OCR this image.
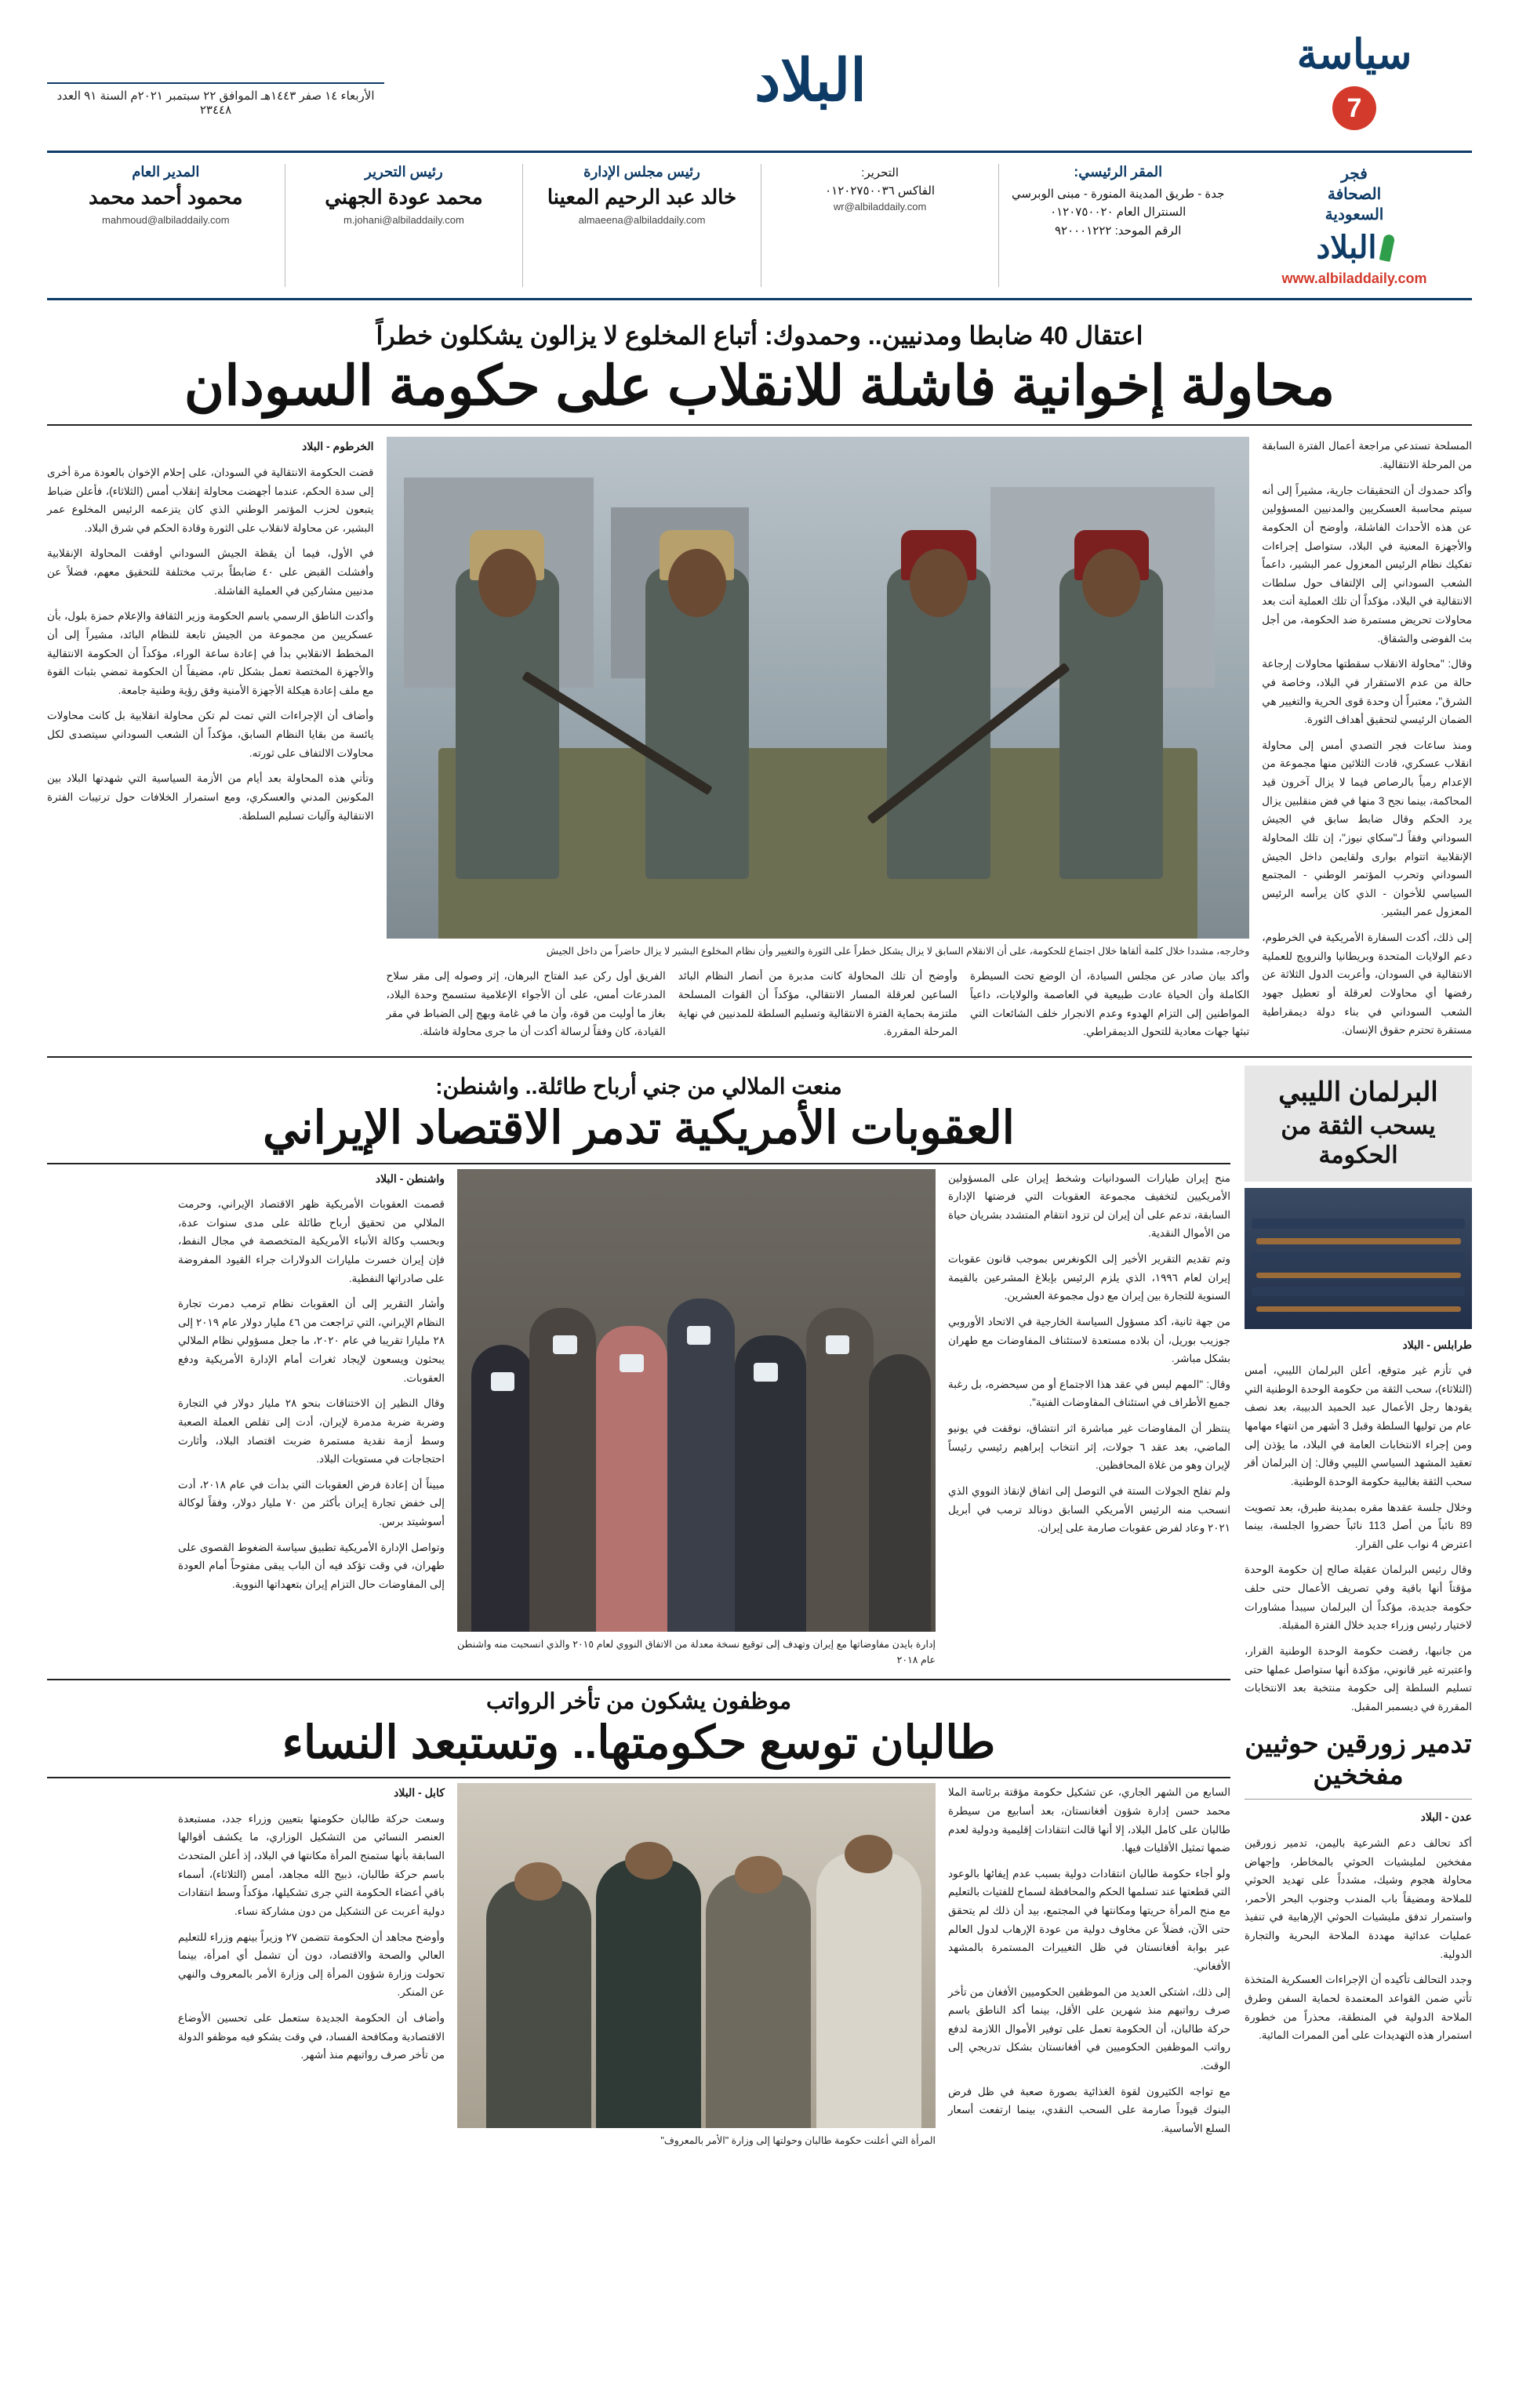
سياسة
7
البلاد
الأربعاء ١٤ صفر ١٤٤٣هـ الموافق ٢٢ سبتمبر ٢٠٢١م السنة ٩١ العدد ٢٣٤٤٨
فجر
الصحافة
السعودية
البلاد
www.albiladdaily.com
المقر الرئيسي:
جدة - طريق المدينة المنورة - مبنى الوبرسي
السنترال العام ٠١٢٠٧٥٠٠٢٠
الرقم الموحد: ٩٢٠٠٠١٢٢٢
التحرير:
الفاكس ٠١٢٠٢٧٥٠٠٣٦
wr@albiladdaily.com
رئيس مجلس الإدارة
خالد عبد الرحيم المعينا
almaeena@albiladdaily.com
رئيس التحرير
محمد عودة الجهني
m.johani@albiladdaily.com
المدير العام
محمود أحمد محمد
mahmoud@albiladdaily.com
اعتقال 40 ضابطا ومدنيين.. وحمدوك: أتباع المخلوع لا يزالون يشكلون خطراً
محاولة إخوانية فاشلة للانقلاب على حكومة السودان

المسلحة تستدعي مراجعة أعمال الفترة السابقة من المرحلة الانتقالية.

وأكد حمدوك أن التحقيقات جارية، مشيراً إلى أنه سيتم محاسبة العسكريين والمدنيين المسؤولين عن هذه الأحداث الفاشلة، وأوضح أن الحكومة والأجهزة المعنية في البلاد، ستواصل إجراءات تفكيك نظام الرئيس المعزول عمر البشير، داعماً الشعب السوداني إلى الإلتفاف حول سلطات الانتقالية في البلاد، مؤكداً أن تلك العملية أتت بعد محاولات تحريض مستمرة ضد الحكومة، من أجل بث الفوضى والشقاق.

وقال: "محاولة الانقلاب سقطتها محاولات إرجاعة حالة من عدم الاستقرار في البلاد، وخاصة في الشرق"، معتبراً أن وحدة قوى الحرية والتغيير هي الضمان الرئيسي لتحقيق أهداف الثورة.

ومنذ ساعات فجر التصدي أمس إلى محاولة انقلاب عسكري، قادت الثلاثين منها مجموعة من الإعدام رمياً بالرصاص فيما لا يزال آخرون قيد المحاكمة، بينما نجح 3 منها في فض منقلبين يزال يرد الحكم وقال ضابط سابق في الجيش السوداني وفقاً لـ"سكاي نيوز"، إن تلك المحاولة الإنقلابية اتتوام بوارى ولقايمن داخل الجيش السوداني وتحرب المؤتمر الوطني - المجتمع السياسي للأخوان - الذي كان يرأسه الرئيس المعزول عمر البشير.

إلى ذلك، أكدت السفارة الأمريكية في الخرطوم، دعم الولايات المتحدة وبريطانيا والنرويج للعملية الانتقالية في السودان، وأعربت الدول الثلاثة عن رفضها أي محاولات لعرقلة أو تعطيل جهود الشعب السوداني في بناء دولة ديمقراطية مستقرة تحترم حقوق الإنسان.

وخارجه، مشددا خلال كلمة ألقاها خلال اجتماع للحكومة، على أن الانقلام السابق لا يزال يشكل خطراً على الثورة والتغيير وأن نظام المخلوع البشير لا يزال حاضراً من داخل الجيش

وأكد بيان صادر عن مجلس السيادة، أن الوضع تحت السيطرة الكاملة وأن الحياة عادت طبيعية في العاصمة والولايات، داعياً المواطنين إلى التزام الهدوء وعدم الانجرار خلف الشائعات التي تبثها جهات معادية للتحول الديمقراطي.

وأوضح أن تلك المحاولة كانت مدبرة من أنصار النظام البائد الساعين لعرقلة المسار الانتقالي، مؤكداً أن القوات المسلحة ملتزمة بحماية الفترة الانتقالية وتسليم السلطة للمدنيين في نهاية المرحلة المقررة.

الفريق أول ركن عبد الفتاح البرهان، إثر وصوله إلى مقر سلاح المدرعات أمس، على أن الأجواء الإعلامية ستسمح وحدة البلاد، بغاز ما أوليت من قوة، وأن ما في غامة وبهج إلى الضباط في مقر القيادة، كان وفقاً لرسالة أكدت أن ما جرى محاولة فاشلة.

الخرطوم - البلاد

قضت الحكومة الانتقالية في السودان، على إحلام الإخوان بالعودة مرة أخرى إلى سدة الحكم، عندما أجهضت محاولة إنقلاب أمس (الثلاثاء)، فأعلن ضباط يتبعون لحزب المؤتمر الوطني الذي كان يتزعمه الرئيس المخلوع عمر البشير، عن محاولة لانقلاب على الثورة وقادة الحكم في شرق البلاد.

في الأول، فيما أن يقظة الجيش السوداني أوقفت المحاولة الإنقلابية وأفشلت القبض على ٤٠ ضابطاً برتب مختلفة للتحقيق معهم، فضلاً عن مدنيين مشاركين في العملية الفاشلة.

وأكدت الناطق الرسمي باسم الحكومة وزير الثقافة والإعلام حمزة بلول، بأن عسكريين من مجموعة من الجيش تابعة للنظام البائد، مشيراً إلى أن المخطط الانقلابي بدأ في إعادة ساعة الوراء، مؤكداً أن الحكومة الانتقالية والأجهزة المختصة تعمل بشكل تام، مضيفاً أن الحكومة تمضي بثبات القوة مع ملف إعادة هيكلة الأجهزة الأمنية وفق رؤية وطنية جامعة.

وأضاف أن الإجراءات التي تمت لم تكن محاولة انقلابية بل كانت محاولات يائسة من بقايا النظام السابق، مؤكداً أن الشعب السوداني سيتصدى لكل محاولات الالتفاف على ثورته.

وتأتي هذه المحاولة بعد أيام من الأزمة السياسية التي شهدتها البلاد بين المكونين المدني والعسكري، ومع استمرار الخلافات حول ترتيبات الفترة الانتقالية وآليات تسليم السلطة.

البرلمان الليبي
يسحب الثقة من الحكومة

طرابلس - البلاد

في تأزم غير متوقع، أعلن البرلمان الليبي، أمس (الثلاثاء)، سحب الثقة من حكومة الوحدة الوطنية التي يقودها رجل الأعمال عبد الحميد الدبيبة، بعد نصف عام من توليها السلطة وقبل 3 أشهر من انتهاء مهامها ومن إجراء الانتخابات العامة في البلاد، ما يؤذن إلى تعقيد المشهد السياسي الليبي وقال: إن البرلمان أقر سحب الثقة بغالبية حكومة الوحدة الوطنية.

وخلال جلسة عقدها مقره بمدينة طبرق، بعد تصويت 89 نائباً من أصل 113 نائباً حضروا الجلسة، بينما اعترض 4 نواب على القرار.

وقال رئيس البرلمان عقيلة صالح إن حكومة الوحدة مؤقتاً أنها باقية وفي تصريف الأعمال حتى حلف حكومة جديدة، مؤكداً أن البرلمان سيبدأ مشاورات لاختيار رئيس وزراء جديد خلال الفترة المقبلة.

من جانبها، رفضت حكومة الوحدة الوطنية القرار، واعتبرته غير قانوني، مؤكدة أنها ستواصل عملها حتى تسليم السلطة إلى حكومة منتخبة بعد الانتخابات المقررة في ديسمبر المقبل.

تدمير زورقين حوثيين مفخخين

عدن - البلاد

أكد تحالف دعم الشرعية باليمن، تدمير زورقين مفخخين لمليشيات الحوثي بالمخاطر، وإجهاض محاولة هجوم وشيك، مشدداً على تهديد الحوثي للملاحة ومضيقاً باب المندب وجنوب البحر الأحمر، واستمرار تدفق مليشيات الحوثي الإرهابية في تنفيذ عمليات عدائية مهددة الملاحة البحرية والتجارة الدولية.

وجدد التحالف تأكيده أن الإجراءات العسكرية المتخذة تأتي ضمن القواعد المعتمدة لحماية السفن وطرق الملاحة الدولية في المنطقة، محذراً من خطورة استمرار هذه التهديدات على أمن الممرات المائية.

منعت الملالي من جني أرباح طائلة.. واشنطن:
العقوبات الأمريكية تدمر الاقتصاد الإيراني

منح إيران طيارات السودانيات وشخط إيران على المسؤولين الأمريكيين لتخفيف مجموعة العقوبات التي فرضتها الإدارة السابقة، تدعم على أن إيران لن تزود انتقام المتشدد بشريان حياة من الأموال النقدية.

وتم تقديم التقرير الأخير إلى الكونغرس بموجب قانون عقوبات إيران لعام ١٩٩٦، الذي يلزم الرئيس بإبلاغ المشرعين بالقيمة السنوية للتجارة بين إيران مع دول مجموعة العشرين.

من جهة ثانية، أكد مسؤول السياسة الخارجية في الاتحاد الأوروبي جوزيب بوريل، أن بلاده مستعدة لاستئناف المفاوضات مع طهران بشكل مباشر.

وقال: "المهم ليس في عقد هذا الاجتماع أو من سيحضره، بل رغبة جميع الأطراف في استئناف المفاوضات الفنية".

ينتظر أن المفاوضات غير مباشرة اثر انتشاق، نوقفت في يونيو الماضي، بعد عقد ٦ جولات، إثر انتخاب إبراهيم رئيسي رئيساً لإيران وهو من غلاة المحافظين.

ولم تفلح الجولات الستة في التوصل إلى اتفاق لإنقاذ النووي الذي انسحب منه الرئيس الأمريكي السابق دونالد ترمب في أبريل ٢٠٢١ وعاد لفرض عقوبات صارمة على إيران.

إدارة بايدن مفاوضاتها مع إيران وتهدف إلى توقيع نسخة معدلة من الاتفاق النووي لعام ٢٠١٥ والذي انسحبت منه واشنطن عام ٢٠١٨

واشنطن - البلاد

قصمت العقوبات الأمريكية ظهر الاقتصاد الإيراني، وحرمت الملالي من تحقيق أرباح طائلة على مدى سنوات عدة، وبحسب وكالة الأنباء الأمريكية المتخصصة في مجال النفط، فإن إيران خسرت مليارات الدولارات جراء القيود المفروضة على صادراتها النفطية.

وأشار التقرير إلى أن العقوبات نظام ترمب دمرت تجارة النظام الإيراني، التي تراجعت من ٤٦ مليار دولار عام ٢٠١٩ إلى ٢٨ مليارا تقريبا في عام ٢٠٢٠، ما جعل مسؤولي نظام الملالي يبحثون ويسعون لإيجاد ثغرات أمام الإدارة الأمريكية ودفع العقوبات.

وقال النظير إن الاختناقات بنحو ٢٨ مليار دولار في التجارة وضربة ضربة مدمرة لإيران، أدت إلى تقلص العملة الصعبة وسط أزمة نقدية مستمرة ضربت اقتصاد البلاد، وأثارت احتجاجات في مستويات البلاد.

مبيناً أن إعادة فرض العقوبات التي بدأت في عام ٢٠١٨، أدت إلى خفض تجارة إيران بأكثر من ٧٠ مليار دولار، وفقاً لوكالة أسوشيتد برس.

وتواصل الإدارة الأمريكية تطبيق سياسة الضغوط القصوى على طهران، في وقت تؤكد فيه أن الباب يبقى مفتوحاً أمام العودة إلى المفاوضات حال التزام إيران بتعهداتها النووية.

موظفون يشكون من تأخر الرواتب
طالبان توسع حكومتها.. وتستبعد النساء

السابع من الشهر الجاري، عن تشكيل حكومة مؤقتة برئاسة الملا محمد حسن إدارة شؤون أفغانستان، بعد أسابيع من سيطرة طالبان على كامل البلاد، إلا أنها قالت انتقادات إقليمية ودولية لعدم ضمها تمثيل الأقليات فيها.

ولو أجاء حكومة طالبان انتقادات دولية بسبب عدم إيفائها بالوعود التي قطعتها عند تسلمها الحكم والمحافظة لسماح للفتيات بالتعليم مع منح المرأة حريتها ومكانتها في المجتمع، بيد أن ذلك لم يتحقق حتى الآن، فضلاً عن مخاوف دولية من عودة الإرهاب لدول العالم عبر بوابة أفغانستان في ظل التغييرات المستمرة بالمشهد الأفغاني.

إلى ذلك، اشتكى العديد من الموظفين الحكوميين الأفغان من تأخر صرف رواتبهم منذ شهرين على الأقل، بينما أكد الناطق باسم حركة طالبان، أن الحكومة تعمل على توفير الأموال اللازمة لدفع رواتب الموظفين الحكوميين في أفغانستان بشكل تدريجي إلى الوقت.

مع تواجه الكثيرون لقوة الغذائية بصورة صعبة في ظل فرض البنوك قيوداً صارمة على السحب النقدي، بينما ارتفعت أسعار السلع الأساسية.

المرأة التي أعلنت حكومة طالبان وحولتها إلى وزارة "الأمر بالمعروف"

كابل - البلاد

وسعت حركة طالبان حكومتها بتعيين وزراء جدد، مستبعدة العنصر النسائي من التشكيل الوزاري، ما يكشف أقوالها السابقة بأنها ستمنح المرأة مكانتها في البلاد، إذ أعلن المتحدث باسم حركة طالبان، ذبيح الله مجاهد، أمس (الثلاثاء)، أسماء باقي أعضاء الحكومة التي جرى تشكيلها، مؤكداً وسط انتقادات دولية أعربت عن التشكيل من دون مشاركة نساء.

وأوضح مجاهد أن الحكومة تتضمن ٢٧ وزيراً بينهم وزراء للتعليم العالي والصحة والاقتصاد، دون أن تشمل أي امرأة، بينما تحولت وزارة شؤون المرأة إلى وزارة الأمر بالمعروف والنهي عن المنكر.

وأضاف أن الحكومة الجديدة ستعمل على تحسين الأوضاع الاقتصادية ومكافحة الفساد، في وقت يشكو فيه موظفو الدولة من تأخر صرف رواتبهم منذ أشهر.
